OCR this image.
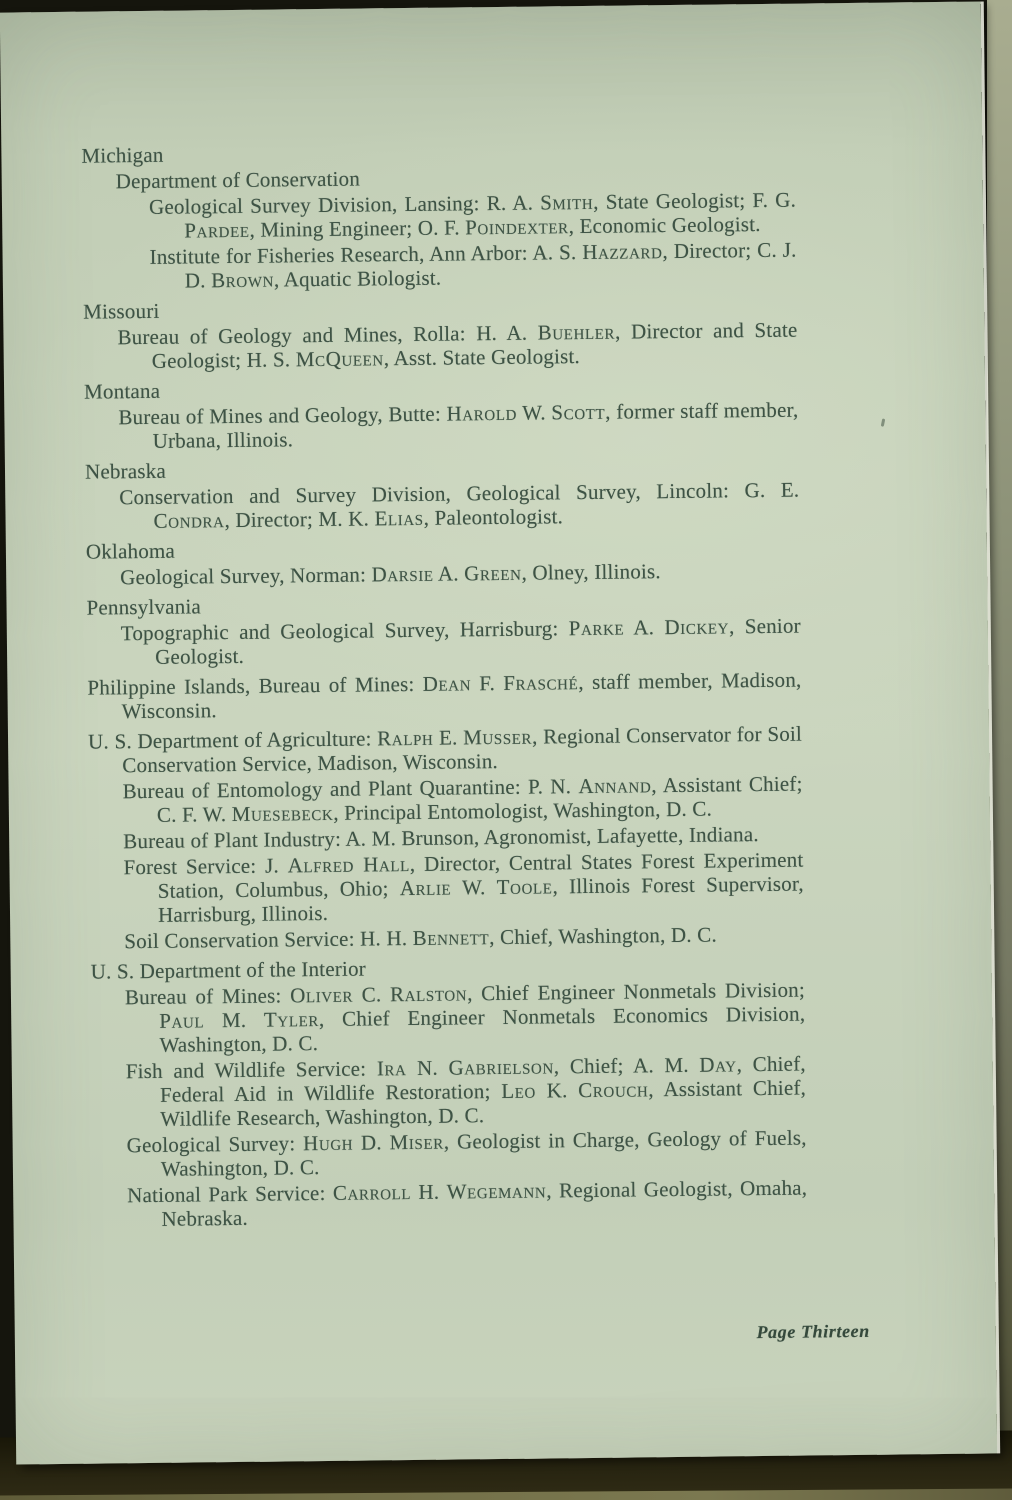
Michigan

Department of Conservation

Geological Survey Division, Lansing: R. A. Smith, State Geologist; F. G. Pardee, Mining Engineer; O. F. Poindexter, Economic Geologist.

Institute for Fisheries Research, Ann Arbor: A. S. Hazzard, Director; C. J. D. Brown, Aquatic Biologist.

Missouri

Bureau of Geology and Mines, Rolla: H. A. Buehler, Director and State Geologist; H. S. McQueen, Asst. State Geologist.

Montana

Bureau of Mines and Geology, Butte: Harold W. Scott, former staff member, Urbana, Illinois.

Nebraska

Conservation and Survey Division, Geological Survey, Lincoln: G. E. Condra, Director; M. K. Elias, Paleontologist.

Oklahoma

Geological Survey, Norman: Darsie A. Green, Olney, Illinois.

Pennsylvania

Topographic and Geological Survey, Harrisburg: Parke A. Dickey, Senior Geologist.

Philippine Islands, Bureau of Mines: Dean F. Frasché, staff member, Madison, Wisconsin.

U. S. Department of Agriculture: Ralph E. Musser, Regional Conservator for Soil Conservation Service, Madison, Wisconsin.

Bureau of Entomology and Plant Quarantine: P. N. Annand, Assistant Chief; C. F. W. Muesebeck, Principal Entomologist, Washington, D. C.

Bureau of Plant Industry: A. M. Brunson, Agronomist, Lafayette, Indiana.

Forest Service: J. Alfred Hall, Director, Central States Forest Experiment Station, Columbus, Ohio; Arlie W. Toole, Illinois Forest Supervisor, Harrisburg, Illinois.

Soil Conservation Service: H. H. Bennett, Chief, Washington, D. C.

U. S. Department of the Interior

Bureau of Mines: Oliver C. Ralston, Chief Engineer Nonmetals Division; Paul M. Tyler, Chief Engineer Nonmetals Economics Division, Washington, D. C.

Fish and Wildlife Service: Ira N. Gabrielson, Chief; A. M. Day, Chief, Federal Aid in Wildlife Restoration; Leo K. Crouch, Assistant Chief, Wildlife Research, Washington, D. C.

Geological Survey: Hugh D. Miser, Geologist in Charge, Geology of Fuels, Washington, D. C.

National Park Service: Carroll H. Wegemann, Regional Geologist, Omaha, Nebraska.

Page Thirteen
